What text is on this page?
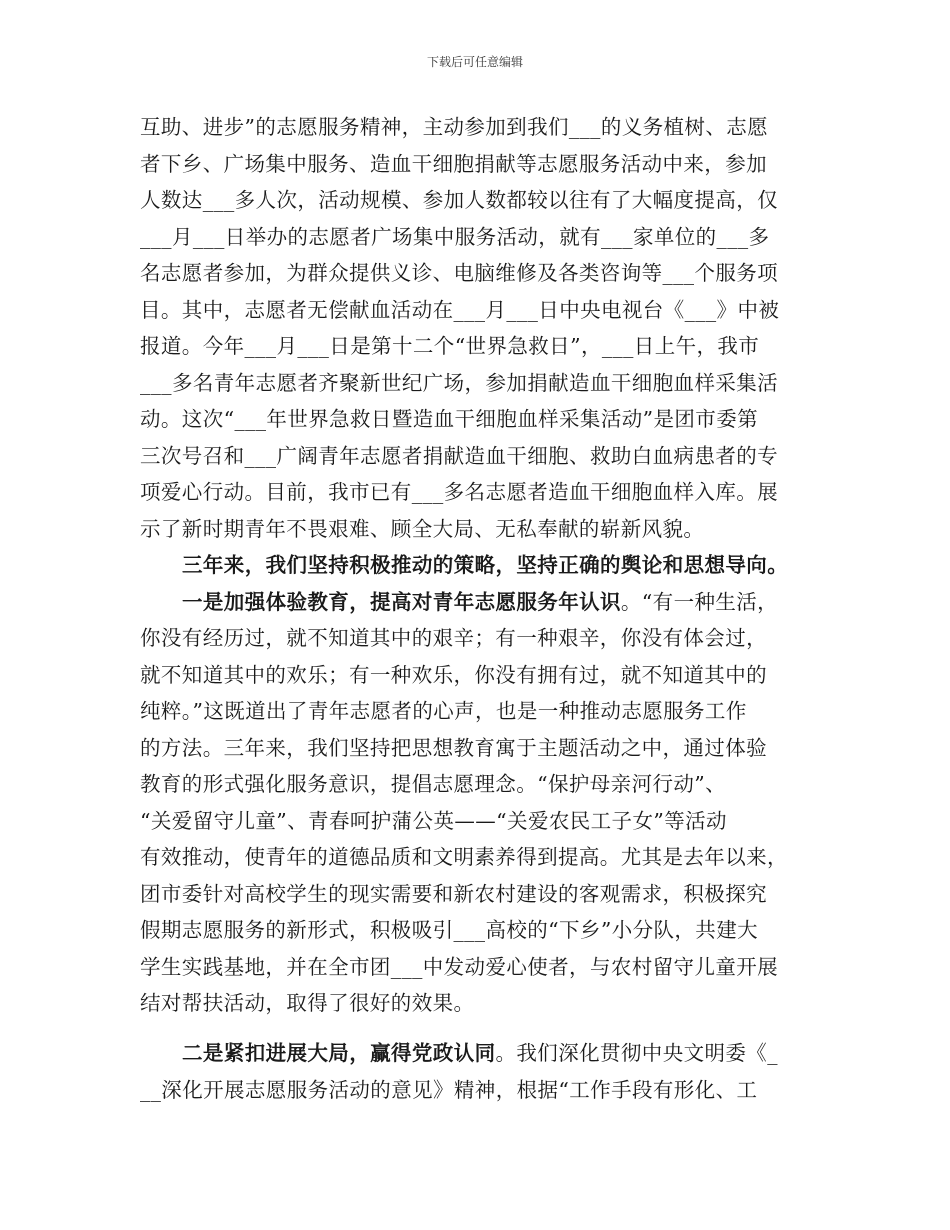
下载后可任意编辑
互助、进步”的志愿服务精神，主动参加到我们___的义务植树、志愿
者下乡、广场集中服务、造血干细胞捐献等志愿服务活动中来，参加
人数达___多人次，活动规模、参加人数都较以往有了大幅度提高，仅
___月___日举办的志愿者广场集中服务活动，就有___家单位的___多
名志愿者参加，为群众提供义诊、电脑维修及各类咨询等___个服务项
目。其中，志愿者无偿献血活动在___月___日中央电视台《___》中被
报道。今年___月___日是第十二个“世界急救日”，___日上午，我市
___多名青年志愿者齐聚新世纪广场，参加捐献造血干细胞血样采集活
动。这次“___年世界急救日暨造血干细胞血样采集活动”是团市委第
三次号召和___广阔青年志愿者捐献造血干细胞、救助白血病患者的专
项爱心行动。目前，我市已有___多名志愿者造血干细胞血样入库。展
示了新时期青年不畏艰难、顾全大局、无私奉献的崭新风貌。
三年来，我们坚持积极推动的策略，坚持正确的舆论和思想导向。
一是加强体验教育，提高对青年志愿服务年认识。“有一种生活，
你没有经历过，就不知道其中的艰辛；有一种艰辛，你没有体会过，
就不知道其中的欢乐；有一种欢乐，你没有拥有过，就不知道其中的
纯粹。”这既道出了青年志愿者的心声，也是一种推动志愿服务工作
的方法。三年来，我们坚持把思想教育寓于主题活动之中，通过体验
教育的形式强化服务意识，提倡志愿理念。“保护母亲河行动”、
“关爱留守儿童”、青春呵护蒲公英——“关爱农民工子女”等活动
有效推动，使青年的道德品质和文明素养得到提高。尤其是去年以来，
团市委针对高校学生的现实需要和新农村建设的客观需求，积极探究
假期志愿服务的新形式，积极吸引___高校的“下乡”小分队，共建大
学生实践基地，并在全市团___中发动爱心使者，与农村留守儿童开展
结对帮扶活动，取得了很好的效果。
二是紧扣进展大局，赢得党政认同。我们深化贯彻中央文明委《_
__深化开展志愿服务活动的意见》精神，根据“工作手段有形化、工
